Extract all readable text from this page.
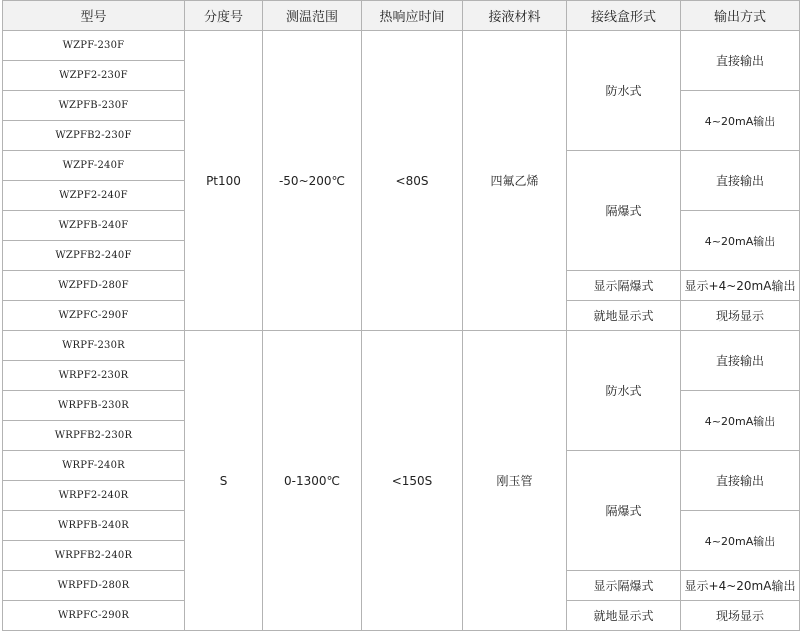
型号	分度号	测温范围	热响应时间	接液材料	接线盒形式	输出方式
WZPF-230F	Pt100	-50~200℃	<80S	四氟乙烯	防水式	直接输出
WZPF2-230F						
WZPFB-230F						4~20mA输出
WZPFB2-230F						
WZPF-240F					隔爆式	直接输出
WZPF2-240F						
WZPFB-240F						4~20mA输出
WZPFB2-240F						
WZPFD-280F					显示隔爆式	显示+4~20mA输出
WZPFC-290F					就地显示式	现场显示
WRPF-230R	S	0-1300℃	<150S	刚玉管	防水式	直接输出
WRPF2-230R						
WRPFB-230R						4~20mA输出
WRPFB2-230R						
WRPF-240R					隔爆式	直接输出
WRPF2-240R						
WRPFB-240R						4~20mA输出
WRPFB2-240R						
WRPFD-280R					显示隔爆式	显示+4~20mA输出
WRPFC-290R					就地显示式	现场显示
